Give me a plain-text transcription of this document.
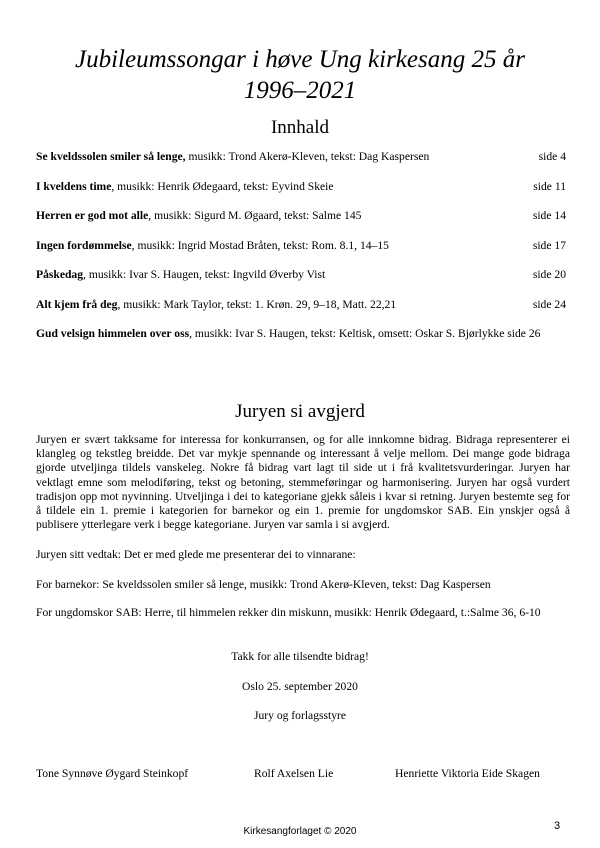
Jubileumssongar i høve Ung kirkesang 25 år
1996–2021
Innhald
Se kveldssolen smiler så lenge, musikk: Trond Akerø-Kleven, tekst: Dag Kaspersen	side 4
I kveldens time, musikk: Henrik Ødegaard, tekst: Eyvind Skeie	side 11
Herren er god mot alle, musikk: Sigurd M. Øgaard, tekst: Salme 145	side 14
Ingen fordømmelse, musikk: Ingrid Mostad Bråten, tekst: Rom. 8.1, 14–15	side 17
Påskedag, musikk: Ivar S. Haugen, tekst: Ingvild Øverby Vist	side 20
Alt kjem frå deg, musikk: Mark Taylor, tekst: 1. Krøn. 29, 9–18, Matt. 22,21	side 24
Gud velsign himmelen over oss, musikk: Ivar S. Haugen, tekst: Keltisk, omsett: Oskar S. Bjørlykke side 26
Juryen si avgjerd
Juryen er svært takksame for interessa for konkurransen, og for alle innkomne bidrag. Bidraga representerer ei klangleg og tekstleg breidde. Det var mykje spennande og interessant å velje mellom. Dei mange gode bidraga gjorde utveljinga tildels vanskeleg. Nokre få bidrag vart lagt til side ut i frå kvalitetsvurderingar. Juryen har vektlagt emne som melodiføring, tekst og betoning, stemmeføringar og harmonisering. Juryen har også vurdert tradisjon opp mot nyvinning. Utveljinga i dei to kategoriane gjekk såleis i kvar si retning. Juryen bestemte seg for å tildele ein 1. premie i kategorien for barnekor og ein 1. premie for ungdomskor SAB. Ein ynskjer også å publisere ytterlegare verk i begge kategoriane. Juryen var samla i si avgjerd.
Juryen sitt vedtak: Det er med glede me presenterar dei to vinnarane:
For barnekor: Se kveldssolen smiler så lenge, musikk: Trond Akerø-Kleven, tekst: Dag Kaspersen
For ungdomskor SAB: Herre, til himmelen rekker din miskunn, musikk: Henrik Ødegaard, t.:Salme 36, 6-10
Takk for alle tilsendte bidrag!
Oslo 25. september 2020
Jury og forlagsstyre
Tone Synnøve Øygard Steinkopf	Rolf Axelsen Lie	Henriette Viktoria Eide Skagen
Kirkesangforlaget © 2020	3
